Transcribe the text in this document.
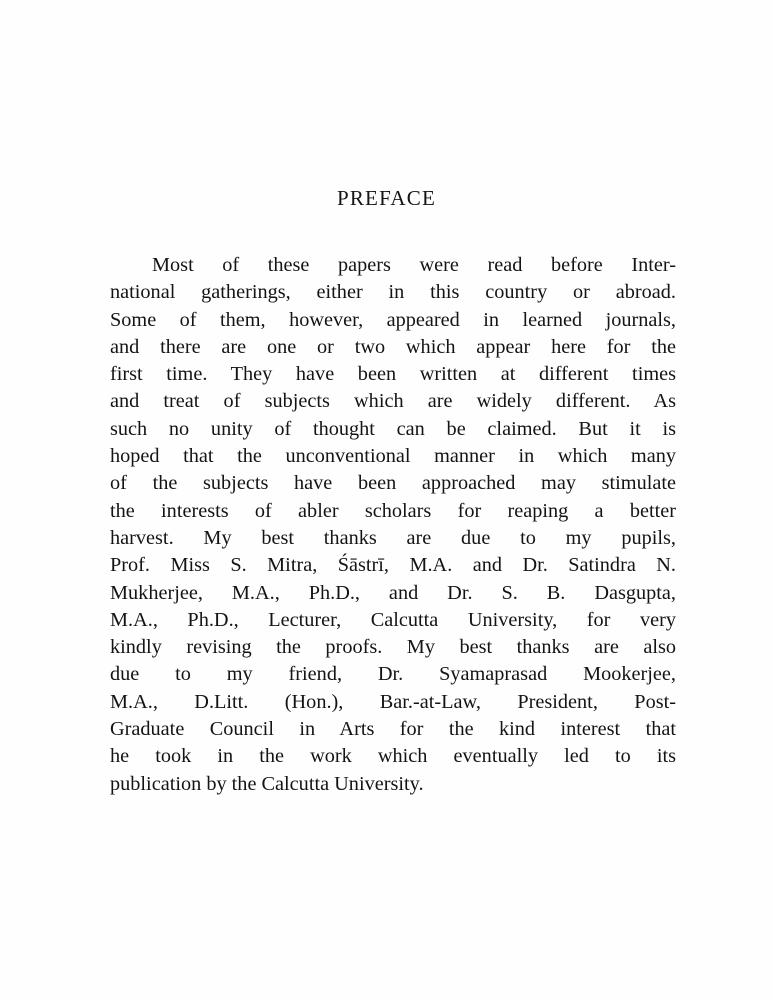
PREFACE
Most of these papers were read before Inter-
national gatherings, either in this country or abroad.
Some of them, however, appeared in learned journals,
and there are one or two which appear here for the
first time. They have been written at different times
and treat of subjects which are widely different. As
such no unity of thought can be claimed. But it is
hoped that the unconventional manner in which many
of the subjects have been approached may stimulate
the interests of abler scholars for reaping a better
harvest. My best thanks are due to my pupils,
Prof. Miss S. Mitra, Śāstrī, M.A. and Dr. Satindra N.
Mukherjee, M.A., Ph.D., and Dr. S. B. Dasgupta,
M.A., Ph.D., Lecturer, Calcutta University, for very
kindly revising the proofs. My best thanks are also
due to my friend, Dr. Syamaprasad Mookerjee,
M.A., D.Litt. (Hon.), Bar.-at-Law, President, Post-
Graduate Council in Arts for the kind interest that
he took in the work which eventually led to its
publication by the Calcutta University.
